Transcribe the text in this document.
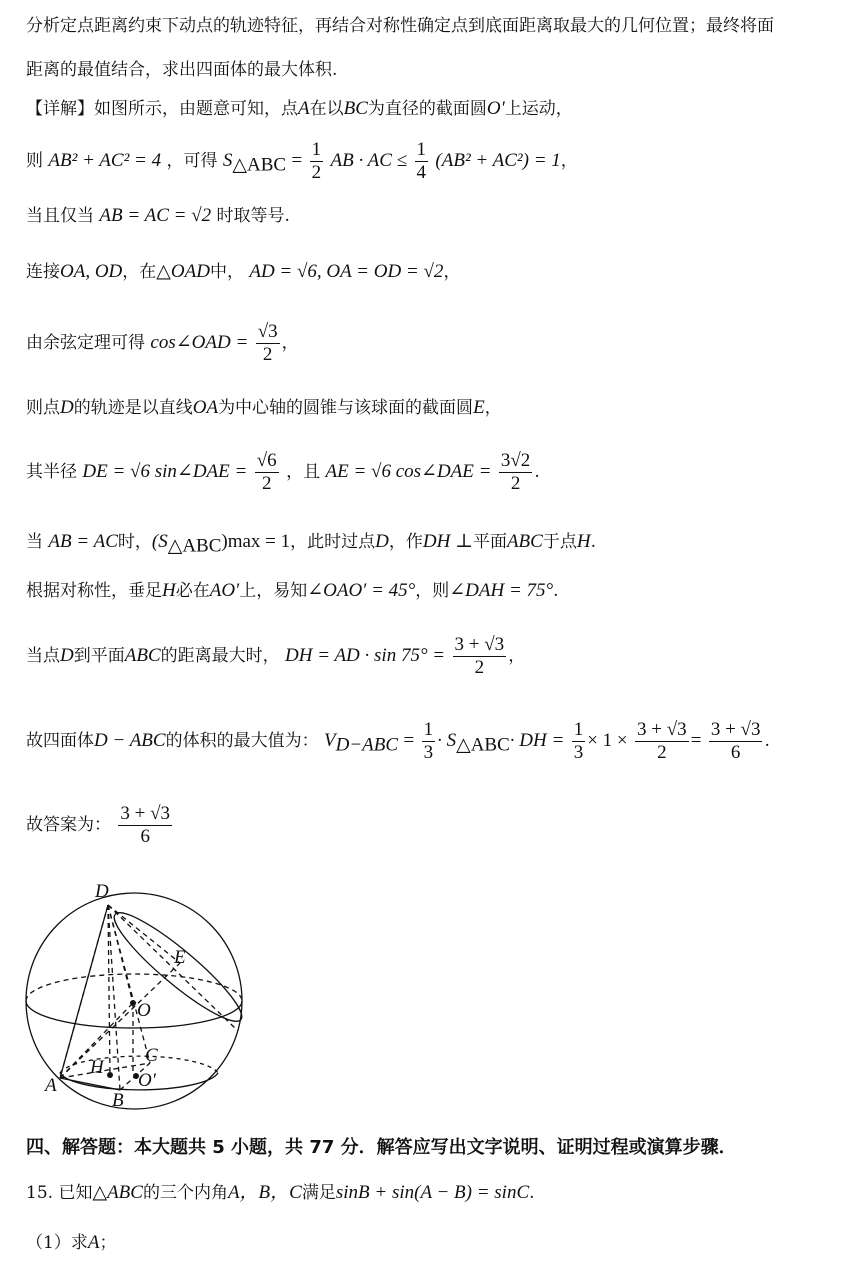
分析定点距离约束下动点的轨迹特征，再结合对称性确定点到底面距离取最大的几何位置；最终将面
距离的最值结合，求出四面体的最大体积.
【详解】如图所示，由题意可知，点A在以BC为直径的截面圆O′上运动，
则 AB² + AC² = 4 ，可得 $S_{\triangle ABC} = \frac{1}{2}$ AB · AC ≤ $\frac{1}{4} (AB^2 + AC^2) = 1$，
当且仅当 AB = AC = √2 时取等号.
连接OA, OD，在△OAD中， AD = √6, OA = OD = √2，
由余弦定理可得 cos∠OAD = $\frac{√3}{2}$ ，
则点D的轨迹是以直线OA为中心轴的圆锥与该球面的截面圆E，
其半径 DE = √6 sin∠DAE = $\frac{√6}{2}$ ，且 AE = √6 cos∠DAE = $\frac{3√2}{2}$ .
当 AB = AC时，$(S_{\triangle ABC})\max = 1$，此时过点D，作DH ⊥平面ABC于点H.
根据对称性，垂足H必在AO′上，易知∠OAO′ = 45°，则∠DAH = 75°.
当点D到平面ABC的距离最大时， DH = AD · $\sin 75^\circ = \frac{3 + √3}{2}$ ，
故四面体D − ABC的体积的最大值为： $V_{D-ABC} = \frac{1}{3} \cdot S_{\triangle ABC}\cdot$ DH = $\frac{1}{3} \times 1 \times \frac{3 + √3}{2} = \frac{3 + √3}{6}$ .
故答案为： $\frac{3 + √3}{6}$
D
E
O
C
H
O′
A
B
四、解答题：本大题共 5 小题，共 77 分．解答应写出文字说明、证明过程或演算步骤．
15. 已知△ABC的三个内角A，B，C满足sinB + sin(A − B) = sinC.
（1）求A；
